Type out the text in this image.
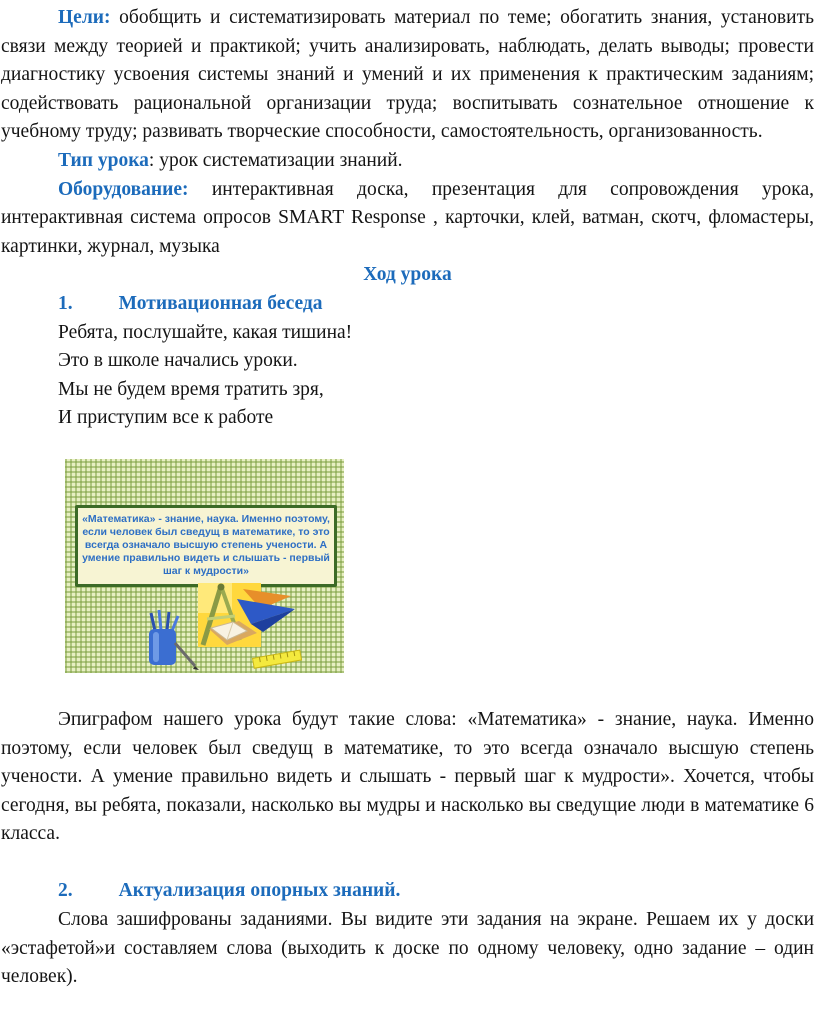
Цели: обобщить и систематизировать материал по теме; обогатить знания, установить связи между теорией и практикой; учить анализировать, наблюдать, делать выводы; провести диагностику усвоения системы знаний и умений и их применения к практическим заданиям; содействовать рациональной организации труда; воспитывать сознательное отношение к учебному труду; развивать творческие способности, самостоятельность, организованность.

Тип урока: урок систематизации знаний.

Оборудование: интерактивная доска, презентация для сопровождения урока, интерактивная система опросов SMART Response , карточки, клей, ватман, скотч, фломастеры, картинки, журнал, музыка

Ход урока

1. Мотивационная беседа

Ребята, послушайте, какая тишина!
Это в школе начались уроки.
Мы не будем время тратить зря,
И приступим все к работе
«Математика» - знание, наука. Именно поэтому, если человек был сведущ в математике, то это всегда означало высшую степень учености. А умение правильно видеть и слышать - первый шаг к мудрости»

Эпиграфом нашего урока будут такие слова: «Математика» - знание, наука. Именно поэтому, если человек был сведущ в математике, то это всегда означало высшую степень учености. А умение правильно видеть и слышать - первый шаг к мудрости». Хочется, чтобы сегодня, вы ребята, показали, насколько вы мудры и насколько вы сведущие люди в математике 6 класса.

2. Актуализация опорных знаний.

Слова зашифрованы заданиями. Вы видите эти задания на экране. Решаем их у доски «эстафетой»и составляем слова (выходить к доске по одному человеку, одно задание – один человек).
